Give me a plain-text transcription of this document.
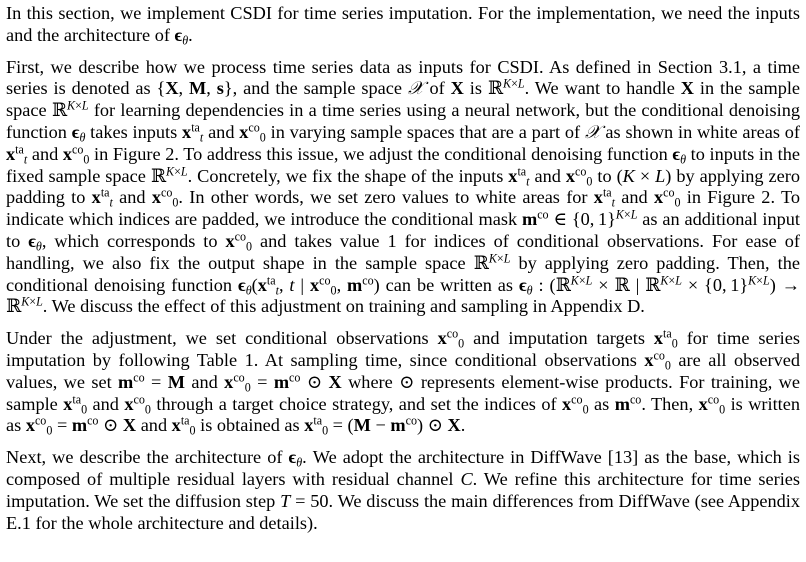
In this section, we implement CSDI for time series imputation. For the implementation, we need the inputs and the architecture of $\epsilon_\theta$.

First, we describe how we process time series data as inputs for CSDI. As defined in Section 3.1, a time series is denoted as {X, M, s}, and the sample space 𝒳 of X is ℝ$^{K\times L}$. We want to handle X in the sample space ℝ$^{K\times L}$ for learning dependencies in a time series using a neural network, but the conditional denoising function $\epsilon_\theta$ takes inputs $x^{ta}_t$ and $x^{co}_0$ in varying sample spaces that are a part of 𝒳 as shown in white areas of $x^{ta}_t$ and $x^{co}_0$ in Figure 2. To address this issue, we adjust the conditional denoising function $\epsilon_\theta$ to inputs in the fixed sample space ℝ$^{K\times L}$. Concretely, we fix the shape of the inputs $x^{ta}_t$ and $x^{co}_0$ to (K × L) by applying zero padding to $x^{ta}_t$ and $x^{co}_0$. In other words, we set zero values to white areas for $x^{ta}_t$ and $x^{co}_0$ in Figure 2. To indicate which indices are padded, we introduce the conditional mask $m^{co}$ ∈ {0, 1}$^{K\times L}$ as an additional input to $\epsilon_\theta$, which corresponds to $x^{co}_0$ and takes value 1 for indices of conditional observations. For ease of handling, we also fix the output shape in the sample space ℝ$^{K\times L}$ by applying zero padding. Then, the conditional denoising function $\epsilon_\theta(x^{ta}_t$, t | $x^{co}_0$, $m^{co}$) can be written as $\epsilon_\theta$ : (ℝ$^{K\times L}$ × ℝ | ℝ$^{K\times L}$ × {0, 1}$^{K\times L}$) → ℝ$^{K\times L}$. We discuss the effect of this adjustment on training and sampling in Appendix D.

Under the adjustment, we set conditional observations $x^{co}_0$ and imputation targets $x^{ta}_0$ for time series imputation by following Table 1. At sampling time, since conditional observations $x^{co}_0$ are all observed values, we set $m^{co} = M$ and $x^{co}_0 = m^{co}$ ⊙ X where ⊙ represents element-wise products. For training, we sample $x^{ta}_0$ and $x^{co}_0$ through a target choice strategy, and set the indices of $x^{co}_0$ as $m^{co}$. Then, $x^{co}_0$ is written as $x^{co}_0 = m^{co}$ ⊙ X and $x^{ta}_0$ is obtained as $x^{ta}_0 = (M - m^{co})$ ⊙ X.

Next, we describe the architecture of $\epsilon_\theta$. We adopt the architecture in DiffWave [13] as the base, which is composed of multiple residual layers with residual channel C. We refine this architecture for time series imputation. We set the diffusion step T = 50. We discuss the main differences from DiffWave (see Appendix E.1 for the whole architecture and details).
